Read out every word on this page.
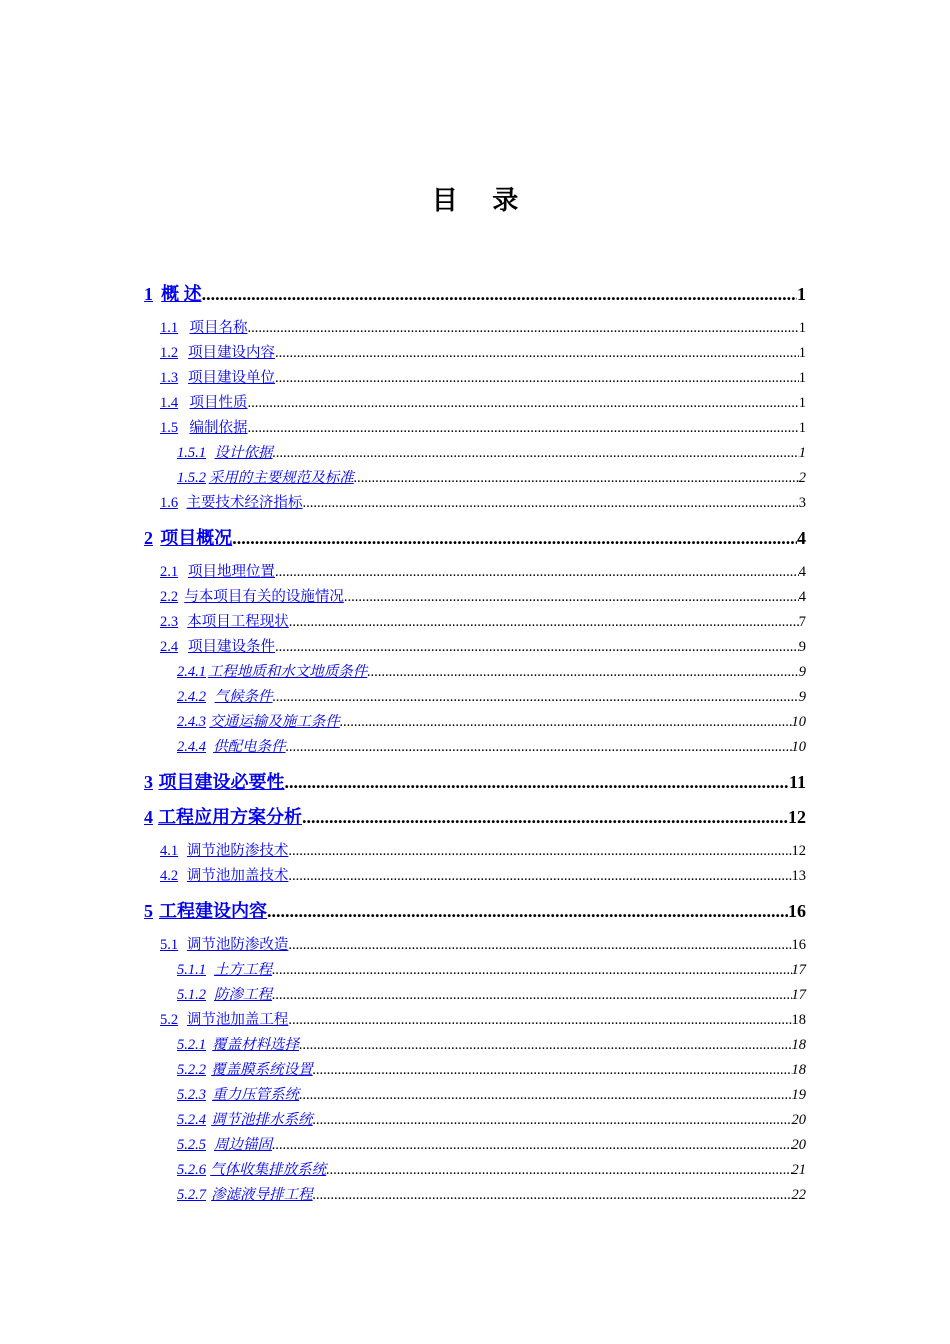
目 录
1 概 述 .....	1
1.1 项目名称 .....	1
1.2 项目建设内容 .....	1
1.3 项目建设单位 .....	1
1.4 项目性质 .....	1
1.5 编制依据 .....	1
1.5.1 设计依据 .....	1
1.5.2 采用的主要规范及标准 .....	2
1.6 主要技术经济指标 .....	3
2 项目概况 .....	4
2.1 项目地理位置 .....	4
2.2 与本项目有关的设施情况 .....	4
2.3 本项目工程现状 .....	7
2.4 项目建设条件 .....	9
2.4.1 工程地质和水文地质条件 .....	9
2.4.2 气候条件 .....	9
2.4.3 交通运输及施工条件 .....	10
2.4.4 供配电条件 .....	10
3 项目建设必要性 .....	11
4 工程应用方案分析 .....	12
4.1 调节池防渗技术 .....	12
4.2 调节池加盖技术 .....	13
5 工程建设内容 .....	16
5.1 调节池防渗改造 .....	16
5.1.1 土方工程 .....	17
5.1.2 防渗工程 .....	17
5.2 调节池加盖工程 .....	18
5.2.1 覆盖材料选择 .....	18
5.2.2 覆盖膜系统设置 .....	18
5.2.3 重力压管系统 .....	19
5.2.4 调节池排水系统 .....	20
5.2.5 周边锚固 .....	20
5.2.6 气体收集排放系统 .....	21
5.2.7 渗滤液导排工程 .....	22
